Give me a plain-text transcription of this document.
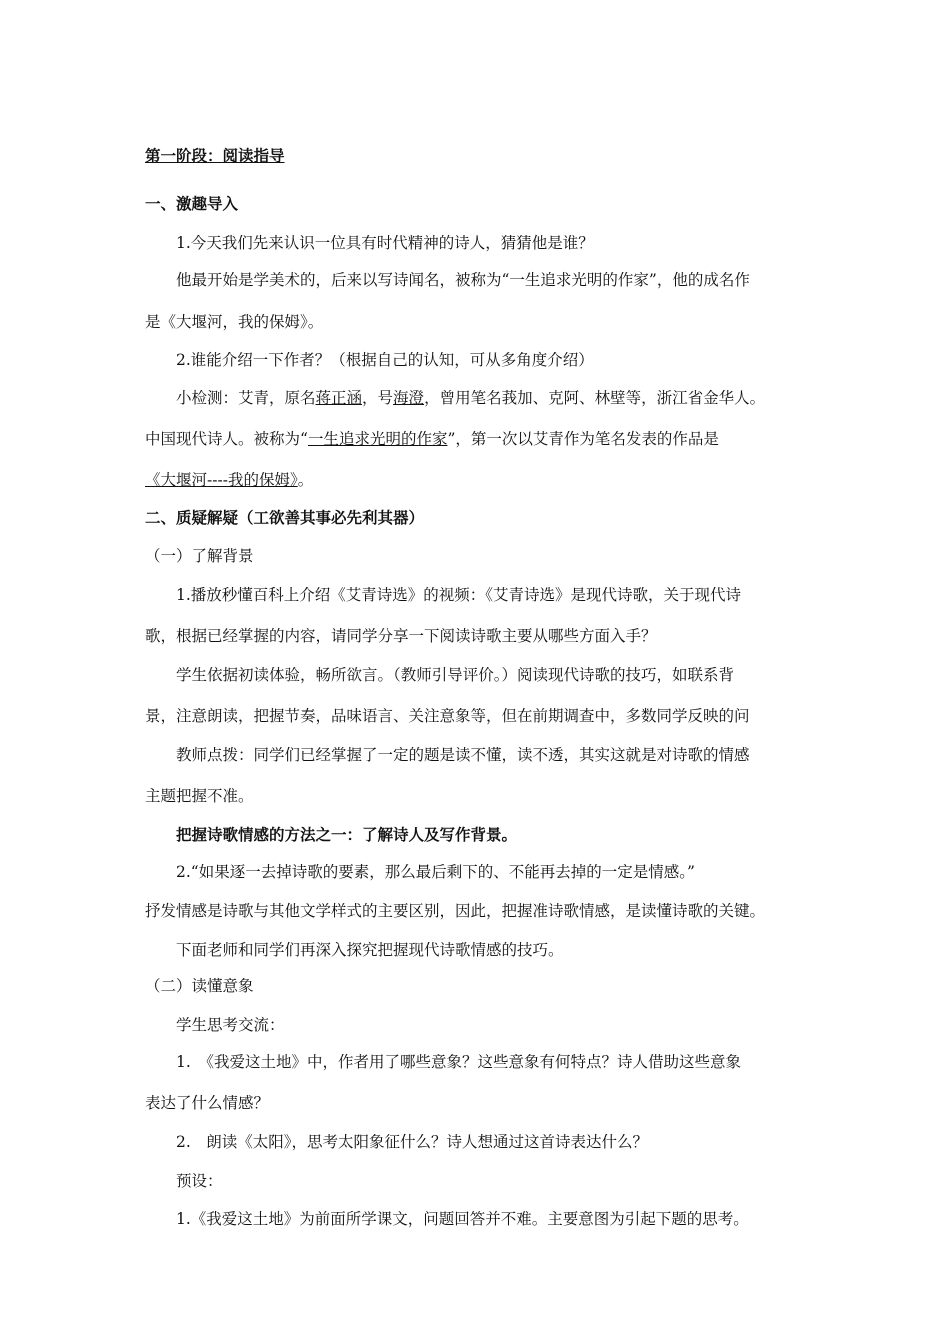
第一阶段：阅读指导
一、激趣导入
1.今天我们先来认识一位具有时代精神的诗人，猜猜他是谁？
他最开始是学美术的，后来以写诗闻名，被称为“一生追求光明的作家”，他的成名作
是《大堰河，我的保姆》。
2.谁能介绍一下作者？（根据自己的认知，可从多角度介绍）
小检测：艾青，原名蒋正涵，号海澄，曾用笔名莪加、克阿、林壁等，浙江省金华人。
中国现代诗人。被称为“一生追求光明的作家”，第一次以艾青作为笔名发表的作品是
《大堰河----我的保姆》。
二、质疑解疑（工欲善其事必先利其器）
（一）了解背景
1.播放秒懂百科上介绍《艾青诗选》的视频：《艾青诗选》是现代诗歌，关于现代诗
歌，根据已经掌握的内容，请同学分享一下阅读诗歌主要从哪些方面入手？
学生依据初读体验，畅所欲言。（教师引导评价。）阅读现代诗歌的技巧，如联系背
景，注意朗读，把握节奏，品味语言、关注意象等，但在前期调查中，多数同学反映的问
教师点拨：同学们已经掌握了一定的题是读不懂，读不透，其实这就是对诗歌的情感
主题把握不准。
把握诗歌情感的方法之一：了解诗人及写作背景。
2.“如果逐一去掉诗歌的要素，那么最后剩下的、不能再去掉的一定是情感。”
抒发情感是诗歌与其他文学样式的主要区别，因此，把握准诗歌情感，是读懂诗歌的关键。
下面老师和同学们再深入探究把握现代诗歌情感的技巧。
（二）读懂意象
学生思考交流：
1.　《我爱这土地》中，作者用了哪些意象？这些意象有何特点？诗人借助这些意象
表达了什么情感？
2.　朗读《太阳》，思考太阳象征什么？诗人想通过这首诗表达什么？
预设：
1.《我爱这土地》为前面所学课文，问题回答并不难。主要意图为引起下题的思考。
